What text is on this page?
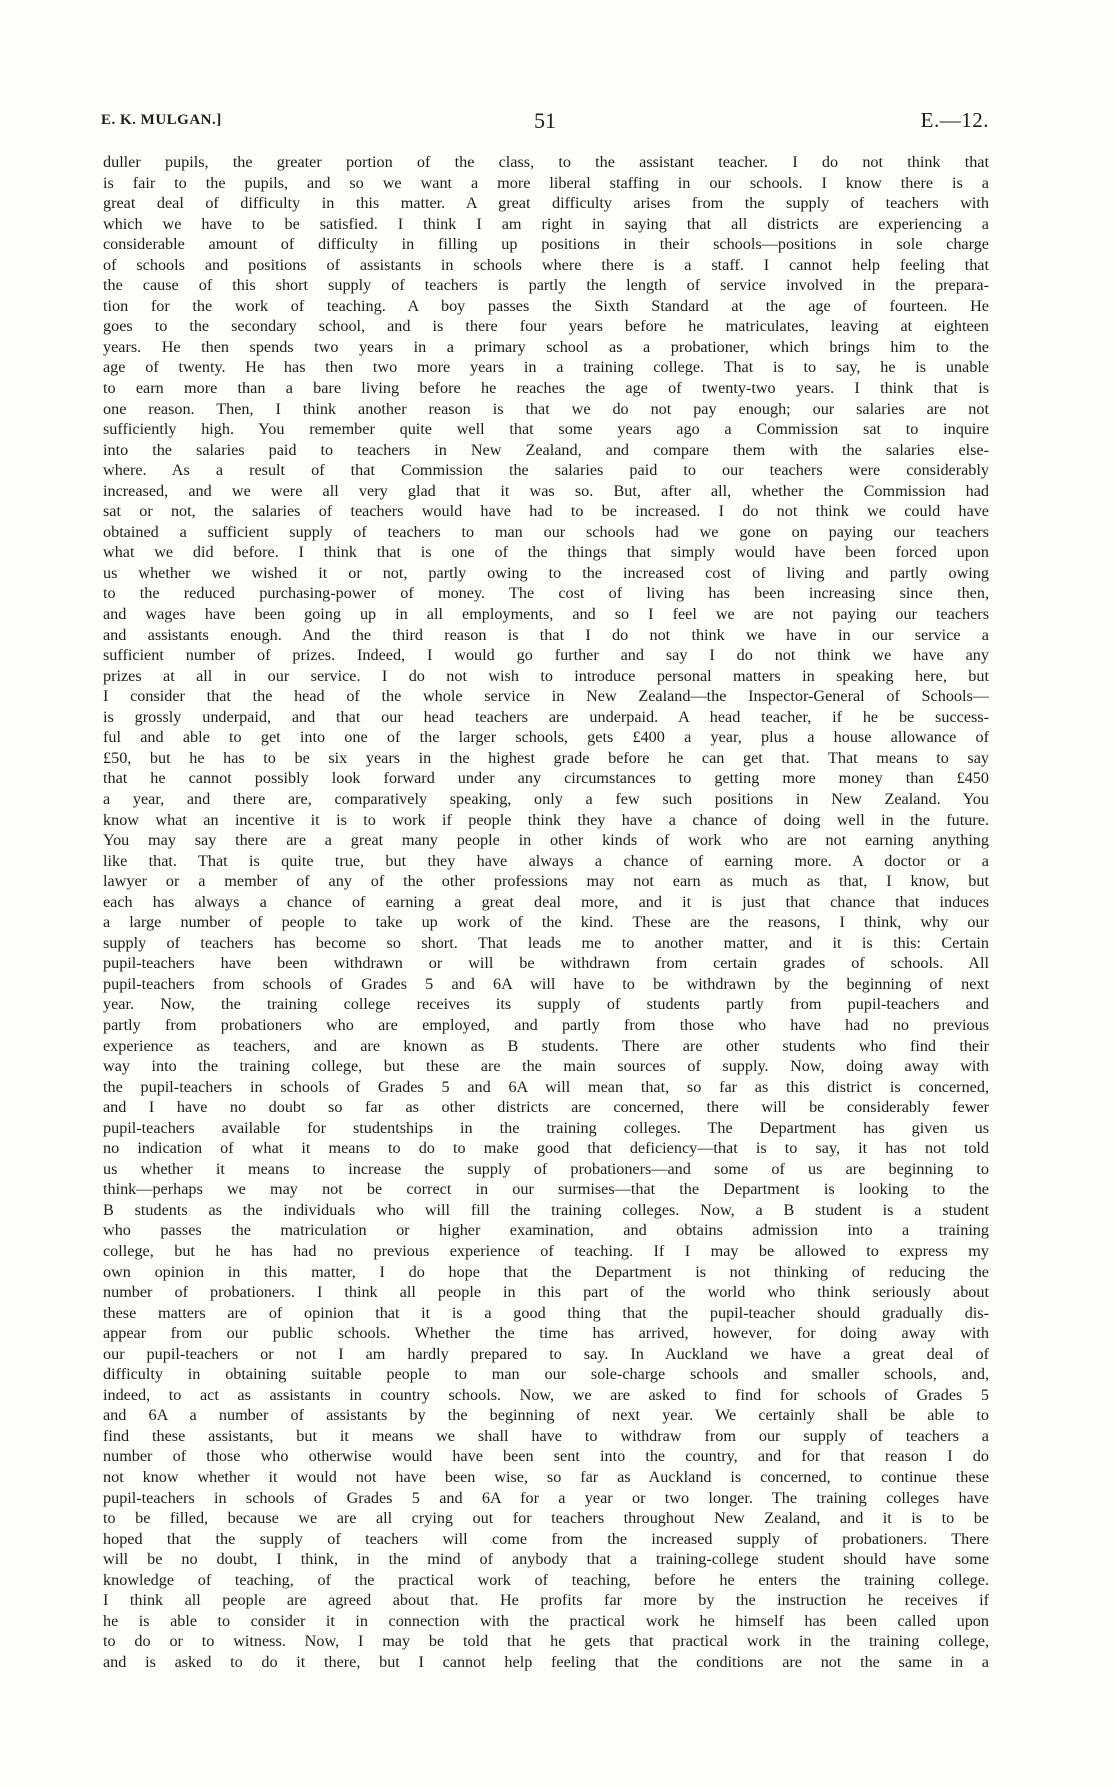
E. K. MULGAN.]	51	E.—12.
duller pupils, the greater portion of the class, to the assistant teacher. I do not think that
is fair to the pupils, and so we want a more liberal staffing in our schools. I know there is a
great deal of difficulty in this matter. A great difficulty arises from the supply of teachers with
which we have to be satisfied. I think I am right in saying that all districts are experiencing a
considerable amount of difficulty in filling up positions in their schools—positions in sole charge
of schools and positions of assistants in schools where there is a staff. I cannot help feeling that
the cause of this short supply of teachers is partly the length of service involved in the prepara-
tion for the work of teaching. A boy passes the Sixth Standard at the age of fourteen. He
goes to the secondary school, and is there four years before he matriculates, leaving at eighteen
years. He then spends two years in a primary school as a probationer, which brings him to the
age of twenty. He has then two more years in a training college. That is to say, he is unable
to earn more than a bare living before he reaches the age of twenty-two years. I think that is
one reason. Then, I think another reason is that we do not pay enough; our salaries are not
sufficiently high. You remember quite well that some years ago a Commission sat to inquire
into the salaries paid to teachers in New Zealand, and compare them with the salaries else-
where. As a result of that Commission the salaries paid to our teachers were considerably
increased, and we were all very glad that it was so. But, after all, whether the Commission had
sat or not, the salaries of teachers would have had to be increased. I do not think we could have
obtained a sufficient supply of teachers to man our schools had we gone on paying our teachers
what we did before. I think that is one of the things that simply would have been forced upon
us whether we wished it or not, partly owing to the increased cost of living and partly owing
to the reduced purchasing-power of money. The cost of living has been increasing since then,
and wages have been going up in all employments, and so I feel we are not paying our teachers
and assistants enough. And the third reason is that I do not think we have in our service a
sufficient number of prizes. Indeed, I would go further and say I do not think we have any
prizes at all in our service. I do not wish to introduce personal matters in speaking here, but
I consider that the head of the whole service in New Zealand—the Inspector-General of Schools—
is grossly underpaid, and that our head teachers are underpaid. A head teacher, if he be success-
ful and able to get into one of the larger schools, gets £400 a year, plus a house allowance of
£50, but he has to be six years in the highest grade before he can get that. That means to say
that he cannot possibly look forward under any circumstances to getting more money than £450
a year, and there are, comparatively speaking, only a few such positions in New Zealand. You
know what an incentive it is to work if people think they have a chance of doing well in the future.
You may say there are a great many people in other kinds of work who are not earning anything
like that. That is quite true, but they have always a chance of earning more. A doctor or a
lawyer or a member of any of the other professions may not earn as much as that, I know, but
each has always a chance of earning a great deal more, and it is just that chance that induces
a large number of people to take up work of the kind. These are the reasons, I think, why our
supply of teachers has become so short. That leads me to another matter, and it is this: Certain
pupil-teachers have been withdrawn or will be withdrawn from certain grades of schools. All
pupil-teachers from schools of Grades 5 and 6A will have to be withdrawn by the beginning of next
year. Now, the training college receives its supply of students partly from pupil-teachers and
partly from probationers who are employed, and partly from those who have had no previous
experience as teachers, and are known as B students. There are other students who find their
way into the training college, but these are the main sources of supply. Now, doing away with
the pupil-teachers in schools of Grades 5 and 6A will mean that, so far as this district is concerned,
and I have no doubt so far as other districts are concerned, there will be considerably fewer
pupil-teachers available for studentships in the training colleges. The Department has given us
no indication of what it means to do to make good that deficiency—that is to say, it has not told
us whether it means to increase the supply of probationers—and some of us are beginning to
think—perhaps we may not be correct in our surmises—that the Department is looking to the
B students as the individuals who will fill the training colleges. Now, a B student is a student
who passes the matriculation or higher examination, and obtains admission into a training
college, but he has had no previous experience of teaching. If I may be allowed to express my
own opinion in this matter, I do hope that the Department is not thinking of reducing the
number of probationers. I think all people in this part of the world who think seriously about
these matters are of opinion that it is a good thing that the pupil-teacher should gradually dis-
appear from our public schools. Whether the time has arrived, however, for doing away with
our pupil-teachers or not I am hardly prepared to say. In Auckland we have a great deal of
difficulty in obtaining suitable people to man our sole-charge schools and smaller schools, and,
indeed, to act as assistants in country schools. Now, we are asked to find for schools of Grades 5
and 6A a number of assistants by the beginning of next year. We certainly shall be able to
find these assistants, but it means we shall have to withdraw from our supply of teachers a
number of those who otherwise would have been sent into the country, and for that reason I do
not know whether it would not have been wise, so far as Auckland is concerned, to continue these
pupil-teachers in schools of Grades 5 and 6A for a year or two longer. The training colleges have
to be filled, because we are all crying out for teachers throughout New Zealand, and it is to be
hoped that the supply of teachers will come from the increased supply of probationers. There
will be no doubt, I think, in the mind of anybody that a training-college student should have some
knowledge of teaching, of the practical work of teaching, before he enters the training college.
I think all people are agreed about that. He profits far more by the instruction he receives if
he is able to consider it in connection with the practical work he himself has been called upon
to do or to witness. Now, I may be told that he gets that practical work in the training college,
and is asked to do it there, but I cannot help feeling that the conditions are not the same in a
